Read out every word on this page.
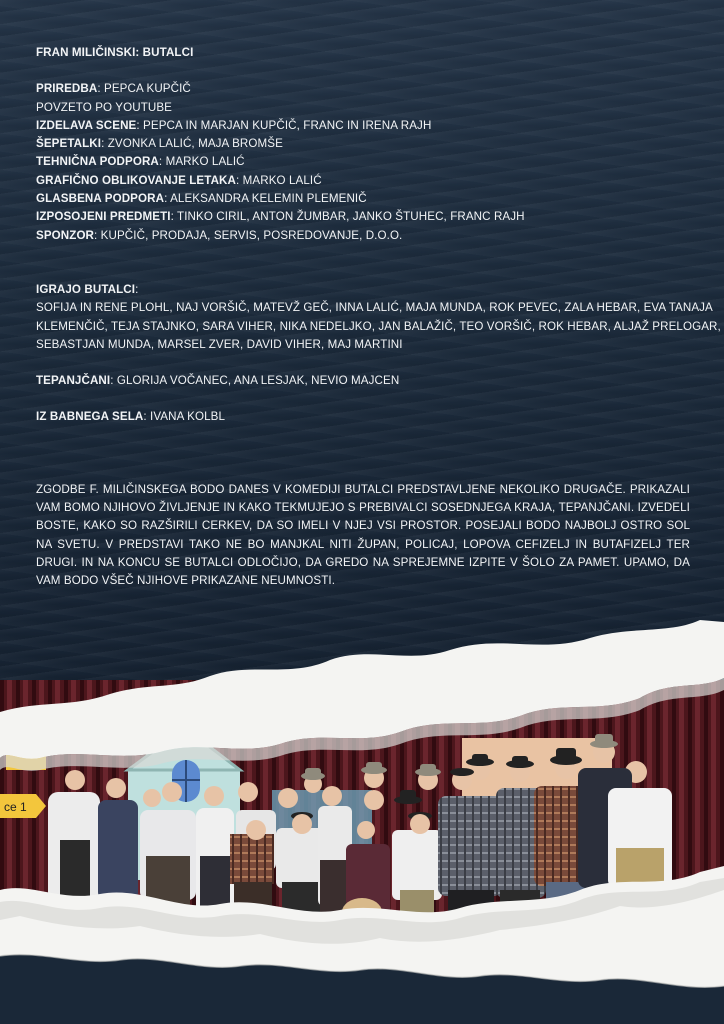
FRAN MILIČINSKI: BUTALCI
PRIREDBA: PEPCA KUPČIČ
POVZETO PO YOUTUBE
IZDELAVA SCENE: PEPCA IN MARJAN KUPČIČ, FRANC IN IRENA RAJH
ŠEPETALKI: ZVONKA LALIĆ, MAJA BROMŠE
TEHNIČNA PODPORA: MARKO LALIĆ
GRAFIČNO OBLIKOVANJE LETAKA: MARKO LALIĆ
GLASBENA PODPORA: ALEKSANDRA KELEMIN PLEMENIČ
IZPOSOJENI PREDMETI: TINKO CIRIL, ANTON ŽUMBAR, JANKO ŠTUHEC, FRANC RAJH
SPONZOR: KUPČIČ, PRODAJA, SERVIS, POSREDOVANJE, D.O.O.
IGRAJO BUTALCI:
SOFIJA IN RENE PLOHL, NAJ VORŠIČ, MATEVŽ GEČ, INNA LALIĆ, MAJA MUNDA, ROK PEVEC, ZALA HEBAR, EVA TANAJA
KLEMENČIČ, TEJA STAJNKO, SARA VIHER, NIKA NEDELJKO, JAN BALAŽIČ, TEO VORŠIČ, ROK HEBAR, ALJAŽ PRELOGAR,
SEBASTJAN MUNDA, MARSEL ZVER, DAVID VIHER, MAJ MARTINI
TEPANJČANI: GLORIJA VOČANEC, ANA LESJAK, NEVIO MAJCEN
IZ BABNEGA SELA: IVANA KOLBL
ZGODBE F. MILIČINSKEGA BODO DANES V KOMEDIJI BUTALCI PREDSTAVLJENE NEKOLIKO DRUGAČE. PRIKAZALI VAM BOMO NJIHOVO ŽIVLJENJE IN KAKO TEKMUJEJO S PREBIVALCI SOSEDNJEGA KRAJA, TEPANJČANI. IZVEDELI BOSTE, KAKO SO RAZŠIRILI CERKEV, DA SO IMELI V NJEJ VSI PROSTOR. POSEJALI BODO NAJBOLJ OSTRO SOL NA SVETU. V PREDSTAVI TAKO NE BO MANJKAL NITI ŽUPAN, POLICAJ, LOPOVA CEFIZELJ IN BUTAFIZELJ TER DRUGI. IN NA KONCU SE BUTALCI ODLOČIJO, DA GREDO NA SPREJEMNE IZPITE V ŠOLO ZA PAMET. UPAMO, DA VAM BODO VŠEČ NJIHOVE PRIKAZANE NEUMNOSTI.
ce 1
